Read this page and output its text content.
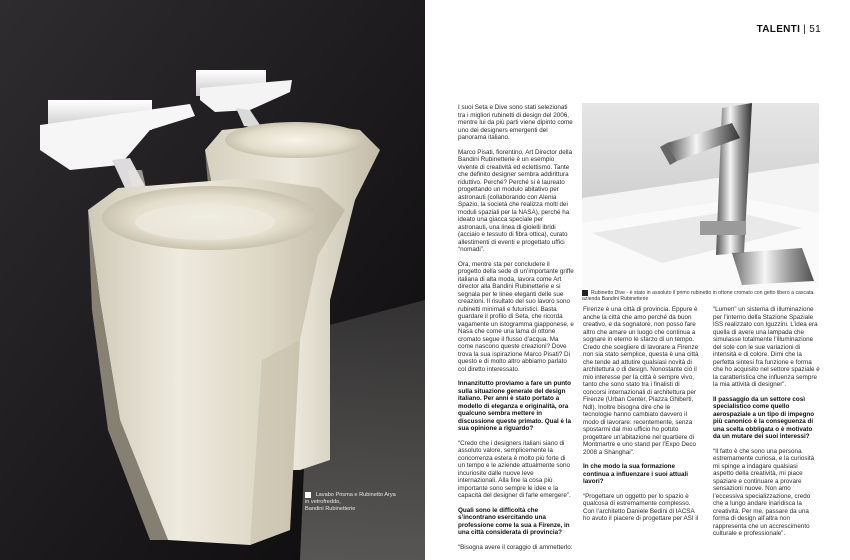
Lavabo Prisma e Rubinetto Arya
in vetrofreddo,
Bandini Rubinetterie
TALENTI | 51

I suoi Seta e Dive sono stati selezionati tra i migliori rubinetti di design del 2006, mentre lui da più parti viene dipinto come uno dei designers emergenti del panorama italiano.

Marco Pisati, fiorentino, Art Director della Bandini Rubinetterie è un esempio vivente di creatività ed eclettismo. Tante che definito designer sembra addirittura riduttivo. Perché? Perché si è laureato progettando un modulo abitativo per astronauti (collaborando con Alenia Spazio, la società che realizza molti dei moduli spaziali per la NASA), perché ha ideato una giacca speciale per astronauti, una linea di gioielli ibridi (acciaio e tessuto di fibra ottica), curato allestimenti di eventi e progettato uffici “nomadi”.

Ora, mentre sta per concludere il progetto della sede di un’importante griffe italiana di alta moda, lavora come Art director alla Bandini Rubinetterie e si segnala per le linee eleganti delle sue creazioni. Il risultato del suo lavoro sono rubinetti minimali e futuristici. Basta guardare il profilo di Seta, che ricorda vagamente un istogramma giapponese, e Nasa che come una lama di ottone cromato segue il flusso d’acqua. Ma come nascono queste creazioni? Dove trova la sua ispirazione Marco Pisati? Di questo e di molto altro abbiamo parlato col diretto interessato.

Innanzitutto proviamo a fare un punto sulla situazione generale del design italiano. Per anni è stato portato a modello di eleganza e originalità, ora qualcuno sembra mettere in discussione queste primato. Qual è la sua opinione a riguardo?

“Credo che i designers italiani siano di assoluto valore, semplicemente la concorrenza estera è molto più forte di un tempo e le aziende attualmente sono incuriosite dalle nuove leve internazionali. Alla fine la cosa più importante sono sempre le idee e la capacità del designer di farle emergere”.

Quali sono le difficoltà che s’incontrano esercitando una professione come la sua a Firenze, in una città considerata di provincia?

“Bisogna avere il coraggio di ammetterlo:

Rubinetto Dive - è stato in assoluto il primo rubinetto in ottone cromato con getto libero a cascata. azienda Bandini Rubinetterie

Firenze è una città di provincia. Eppure è anche la città che amo perché da buon creativo, e da sognatore, non posso fare altro che amare un luogo che continua a sognare in eterno le sfarzo di un tempo. Credo che scegliere di lavorare a Firenze non sia stato semplice, questa è una città che tende ad attutire qualsiasi novità di architettura o di design. Nonostante ciò il mio interesse per la città è sempre vivo, tanto che sono stato tra i finalisti di concorsi internazionali di architettura per Firenze (Urban Center, Piazza Ghiberti, Ndl). Inoltre bisogna dire che le tecnologie hanno cambiato davvero il modo di lavorare: recentemente, senza spostarmi dal mio ufficio ho potuto progettare un’abitazione nel quartiere di Montmartre e uno stand per l’Expo Deco 2008 a Shanghai”.

In che modo la sua formazione continua a influenzare i suoi attuali lavori?

“Progettare un oggetto per lo spazio è qualcosa di estremamente complesso. Con l’architetto Daniele Bedini di IACSA ho avuto il piacere di progettare per ASI il

“Lumen” un sistema di illuminazione per l’interno della Stazione Spaziale ISS realizzato con Iguzzini. L’idea era quella di avere una lampada che simulasse totalmente l’illuminazione del sole con le sue variazioni di intensità e di colore. Dimi che la perfetta sintesi fra funzione e forma che ho acquisito nel settore spaziale è la caratteristica che influenza sempre la mia attività di designer”.

Il passaggio da un settore così specialistico come quello aerospaziale a un tipo di impegno più canonico è la conseguenza di una scelta obbligata o è motivato da un mutare dei suoi interessi?

“Il fatto è che sono una persona estremamente curiosa, e la curiosità mi spinge a indagare qualsiasi aspetto della creatività, mi piace spaziare e continuare a provare sensazioni nuove. Non amo l’eccessiva specializzazione, credo che a lungo andare inaridisca la creatività. Per me, passare da una forma di design all’altra non rappresenta che un accrescimento culturale e professionale”.
